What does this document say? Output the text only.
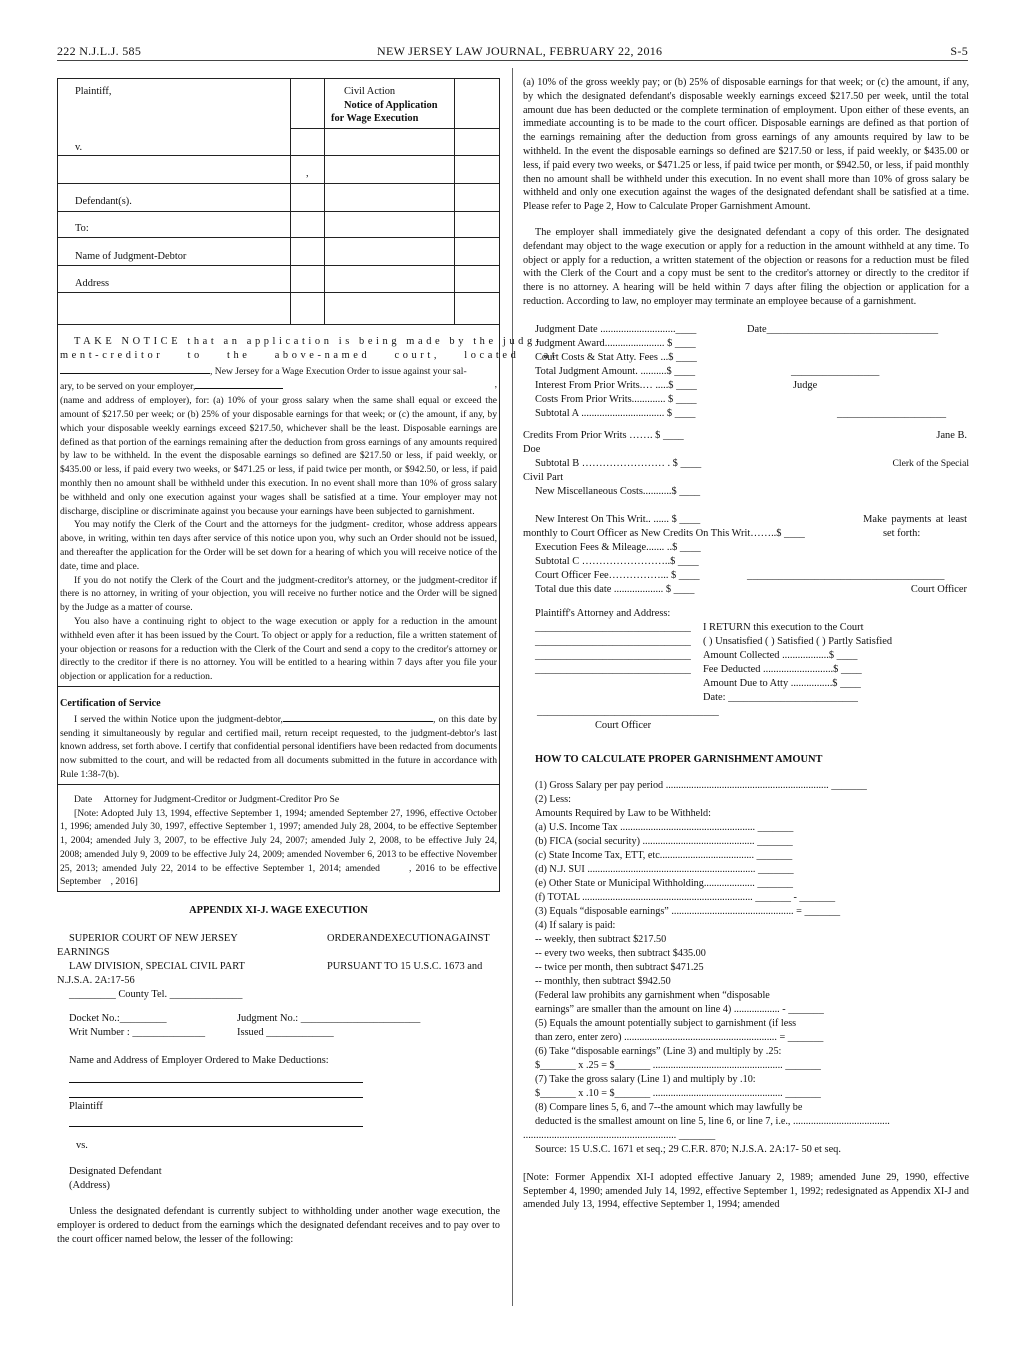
222 N.J.L.J. 585	NEW JERSEY LAW JOURNAL, FEBRUARY 22, 2016	S-5
Plaintiff,	Civil Action
Notice of Application
for Wage Execution
v.
,
Defendant(s).
To:
Name of Judgment-Debtor
Address

TAKE NOTICE that an application is being made by the judg-

ment-creditor to the above-named court, located at

, New Jersey for a Wage Execution Order to issue against your sal-

ary, to be served on your employer,	,

(name and address of employer), for: (a) 10% of your gross salary when the same shall equal or exceed the amount of $217.50 per week; or (b) 25% of your disposable earnings for that week; or (c) the amount, if any, by which your disposable weekly earnings exceed $217.50, whichever shall be the least. Disposable earnings are defined as that portion of the earnings remaining after the deduction from gross earnings of any amounts required by law to be withheld. In the event the disposable earnings so defined are $217.50 or less, if paid weekly, or $435.00 or less, if paid every two weeks, or $471.25 or less, if paid twice per month, or $942.50, or less, if paid monthly then no amount shall be withheld under this execution. In no event shall more than 10% of gross salary be withheld and only one execution against your wages shall be satisfied at a time. Your employer may not discharge, discipline or discriminate against you because your earnings have been subjected to garnishment.

You may notify the Clerk of the Court and the attorneys for the judgment- creditor, whose address appears above, in writing, within ten days after service of this notice upon you, why such an Order should not be issued, and thereafter the application for the Order will be set down for a hearing of which you will receive notice of the date, time and place.

If you do not notify the Clerk of the Court and the judgment-creditor's attorney, or the judgment-creditor if there is no attorney, in writing of your objection, you will receive no further notice and the Order will be signed by the Judge as a matter of course.

You also have a continuing right to object to the wage execution or apply for a reduction in the amount withheld even after it has been issued by the Court. To object or apply for a reduction, file a written statement of your objection or reasons for a reduction with the Clerk of the Court and send a copy to the creditor's attorney or directly to the creditor if there is no attorney. You will be entitled to a hearing within 7 days after you file your objection or application for a reduction.

Certification of Service

I served the within Notice upon the judgment-debtor,	, on this date by sending it simultaneously by regular and certified mail, return receipt requested, to the judgment-debtor's last known address, set forth above. I certify that confidential personal identifiers have been redacted from documents now submitted to the court, and will be redacted from all documents submitted in the future in accordance with Rule 1:38-7(b).

Date     Attorney for Judgment-Creditor or Judgment-Creditor Pro Se

[Note: Adopted July 13, 1994, effective September 1, 1994; amended September 27, 1996, effective October 1, 1996; amended July 30, 1997, effective September 1, 1997; amended July 28, 2004, to be effective September 1, 2004; amended July 3, 2007, to be effective July 24, 2007; amended July 2, 2008, to be effective July 24, 2008; amended July 9, 2009 to be effective July 24, 2009; amended November 6, 2013 to be effective November 25, 2013; amended July 22, 2014 to be effective September 1, 2014; amended       , 2016 to be effective September    , 2016]

APPENDIX XI-J. WAGE EXECUTION

SUPERIOR COURT OF NEW JERSEY	ORDERANDEXECUTIONAGAINST
EARNINGS
LAW DIVISION, SPECIAL CIVIL PART	PURSUANT TO 15 U.S.C. 1673 and
N.J.S.A. 2A:17-56
_________ County Tel. ______________
Docket No.:_________	Judgment No.: _______________________
Writ Number : ______________	Issued _____________
Name and Address of Employer Ordered to Make Deductions:
Plaintiff
vs.
Designated Defendant
(Address)

Unless the designated defendant is currently subject to withholding under another wage execution, the employer is ordered to deduct from the earnings which the designated defendant receives and to pay over to the court officer named below, the lesser of the following:

(a) 10% of the gross weekly pay; or (b) 25% of disposable earnings for that week; or (c) the amount, if any, by which the designated defendant's disposable weekly earnings exceed $217.50 per week, until the total amount due has been deducted or the complete termination of employment. Upon either of these events, an immediate accounting is to be made to the court officer. Disposable earnings are defined as that portion of the earnings remaining after the deduction from gross earnings of any amounts required by law to be withheld. In the event the disposable earnings so defined are $217.50 or less, if paid weekly, or $435.00 or less, if paid every two weeks, or $471.25 or less, if paid twice per month, or $942.50, or less, if paid monthly then no amount shall be withheld under this execution. In no event shall more than 10% of gross salary be withheld and only one execution against the wages of the designated defendant shall be satisfied at a time. Please refer to Page 2, How to Calculate Proper Garnishment Amount.

The employer shall immediately give the designated defendant a copy of this order. The designated defendant may object to the wage execution or apply for a reduction in the amount withheld at any time. To object or apply for a reduction, a written statement of the objection or reasons for a reduction must be filed with the Clerk of the Court and a copy must be sent to the creditor's attorney or directly to the creditor if there is no attorney. A hearing will be held within 7 days after filing the objection or application for a reduction. According to law, no employer may terminate an employee because of a garnishment.

Judgment Date .............................____
Judgment Award....................... $ ____
Court Costs & Stat Atty. Fees ...$ ____
Total Judgment Amount. ..........$ ____
Interest From Prior Writs.… .....$ ____
Costs From Prior Writs............. $ ____
Subtotal A ................................ $ ____
Date_________________________________
_________________
Judge
_____________________
Credits From Prior Writs ……. $ ____	Jane B.
Doe
Subtotal B …………………… . $ ____	Clerk of the Special
Civil Part
New Miscellaneous Costs...........$ ____
New Interest On This Writ.. ...... $ ____	Make payments at least
monthly to Court Officer as New Credits On This Writ……..$ ____	set forth:
Execution Fees & Mileage....... ..$ ____
Subtotal C ……………………..$ ____
Court Officer Fee……………... $ ____
Total due this date ................... $ ____
______________________________________
Court Officer
Plaintiff's Attorney and Address:
______________________________
______________________________
______________________________
______________________________
I RETURN this execution to the Court
( ) Unsatisfied ( ) Satisfied ( ) Partly Satisfied
Amount Collected ..................$ ____
Fee Deducted ...........................$ ____
Amount Due to Atty ................$ ____
Date: _________________________
___________________________________
Court Officer
HOW TO CALCULATE PROPER GARNISHMENT AMOUNT
(1) Gross Salary per pay period ................................................................ _______
(2) Less:
Amounts Required by Law to be Withheld:
(a) U.S. Income Tax ..................................................... _______
(b) FICA (social security) ............................................ _______
(c) State Income Tax, ETT, etc..................................... _______
(d) N.J. SUI .................................................................. _______
(e) Other State or Municipal Withholding.................... _______
(f) TOTAL ................................................................... _______ - _______
(3) Equals “disposable earnings” ................................................ = _______
(4) If salary is paid:
-- weekly, then subtract $217.50
-- every two weeks, then subtract $435.00
-- twice per month, then subtract $471.25
-- monthly, then subtract $942.50
(Federal law prohibits any garnishment when “disposable
earnings” are smaller than the amount on line 4) .................. - _______
(5) Equals the amount potentially subject to garnishment (if less
than zero, enter zero) ............................................................ = _______
(6) Take “disposable earnings” (Line 3) and multiply by .25:
$_______ x .25 = $_______ ................................................... _______
(7) Take the gross salary (Line 1) and multiply by .10:
$_______ x .10 = $_______ ................................................... _______
(8) Compare lines 5, 6, and 7--the amount which may lawfully be
deducted is the smallest amount on line 5, line 6, or line 7, i.e., ......................................
........................................................... _______
Source: 15 U.S.C. 1671 et seq.; 29 C.F.R. 870; N.J.S.A. 2A:17- 50 et seq.

[Note: Former Appendix XI-I adopted effective January 2, 1989; amended June 29, 1990, effective September 4, 1990; amended July 14, 1992, effective September 1, 1992; redesignated as Appendix XI-J and amended July 13, 1994, effective September 1, 1994; amended
